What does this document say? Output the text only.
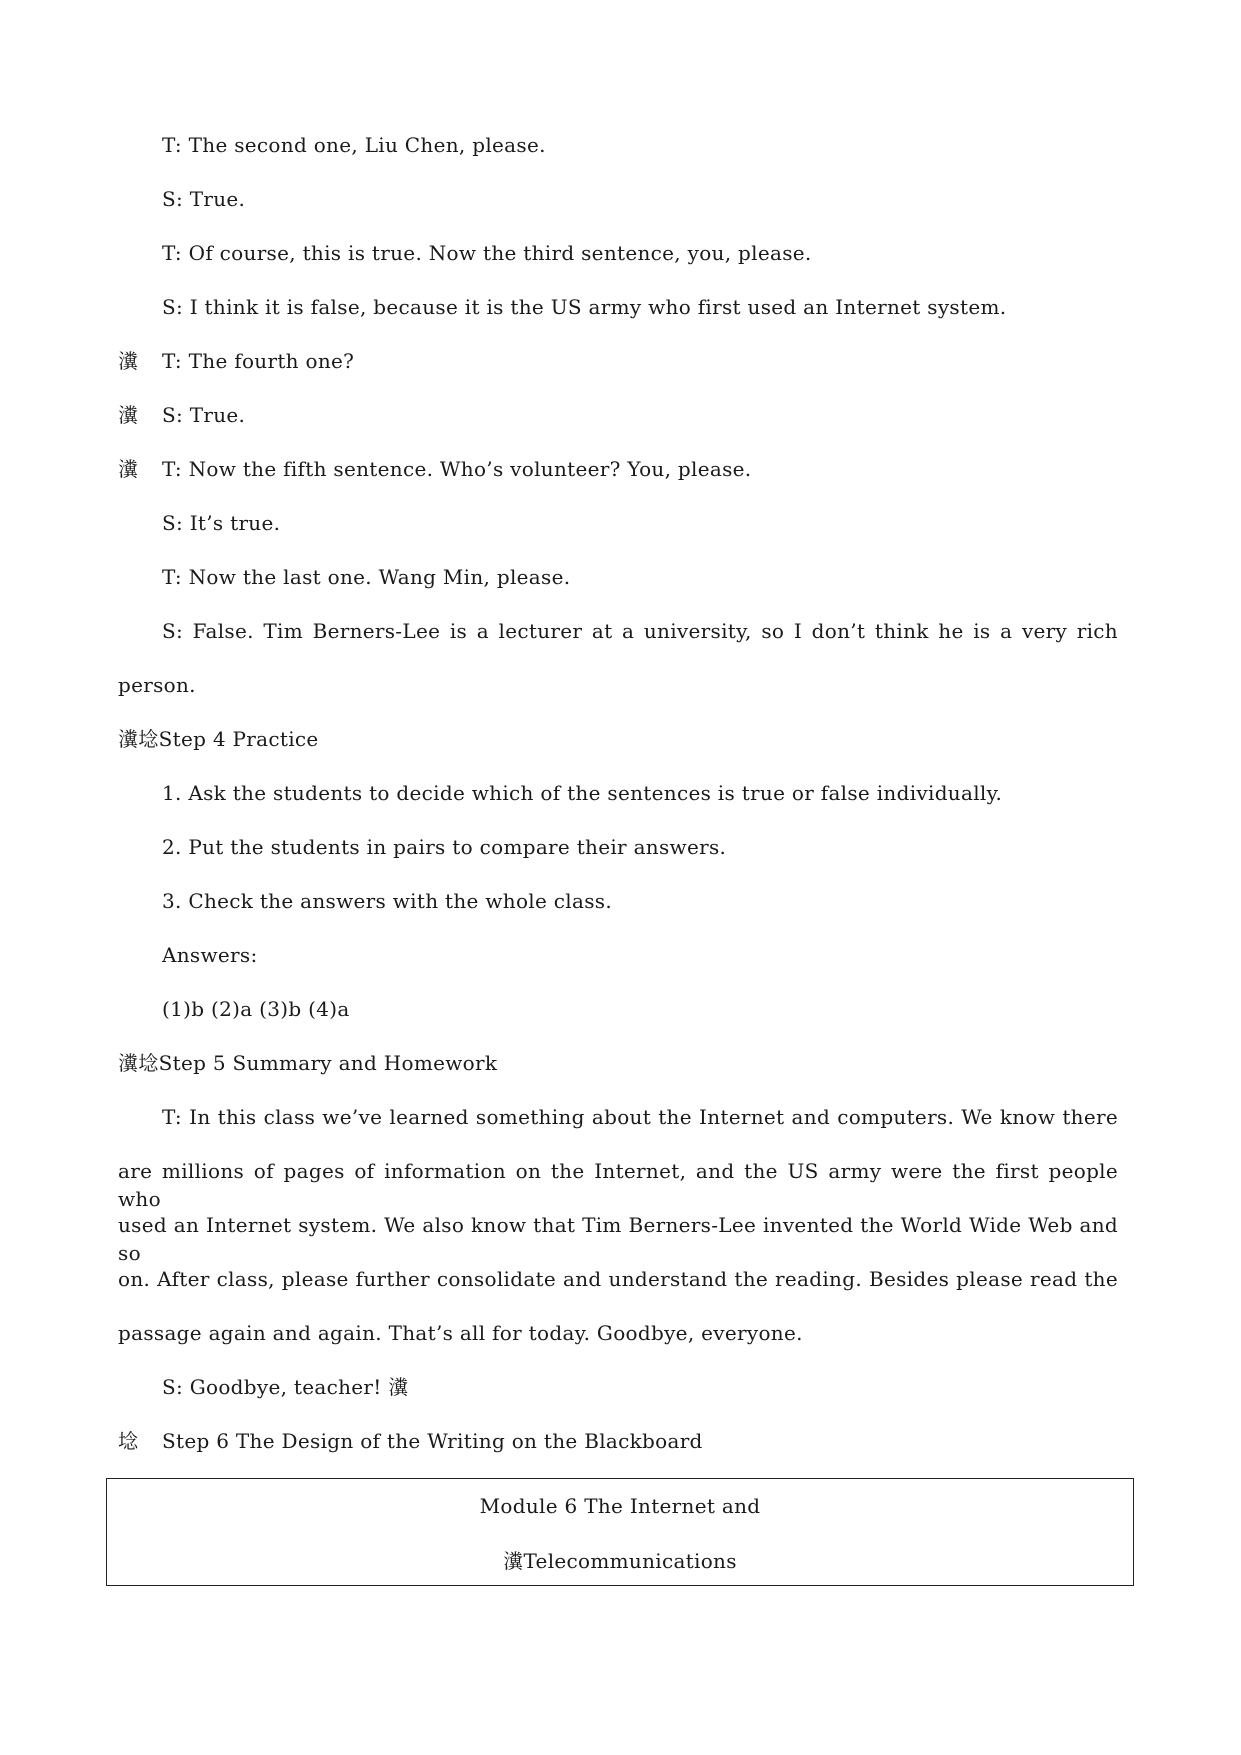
T: The second one, Liu Chen, please.
S: True.
T: Of course, this is true. Now the third sentence, you, please.
S: I think it is false, because it is the US army who first used an Internet system.
瀵 T: The fourth one?
瀵 S: True.
瀵 T: Now the fifth sentence. Who’s volunteer? You, please.
S: It’s true.
T: Now the last one. Wang Min, please.
S: False. Tim Berners-Lee is a lecturer at a university, so I don’t think he is a very rich
person.
瀵埝Step 4 Practice
1. Ask the students to decide which of the sentences is true or false individually.
2. Put the students in pairs to compare their answers.
3. Check the answers with the whole class.
Answers:
(1)b (2)a (3)b (4)a
瀵埝Step 5 Summary and Homework
T: In this class we’ve learned something about the Internet and computers. We know there
are millions of pages of information on the Internet, and the US army were the first people who
used an Internet system. We also know that Tim Berners-Lee invented the World Wide Web and so
on. After class, please further consolidate and understand the reading. Besides please read the
passage again and again. That’s all for today. Goodbye, everyone.
S: Goodbye, teacher! 瀵
埝 Step 6 The Design of the Writing on the Blackboard
Module 6 The Internet and
瀵Telecommunications
